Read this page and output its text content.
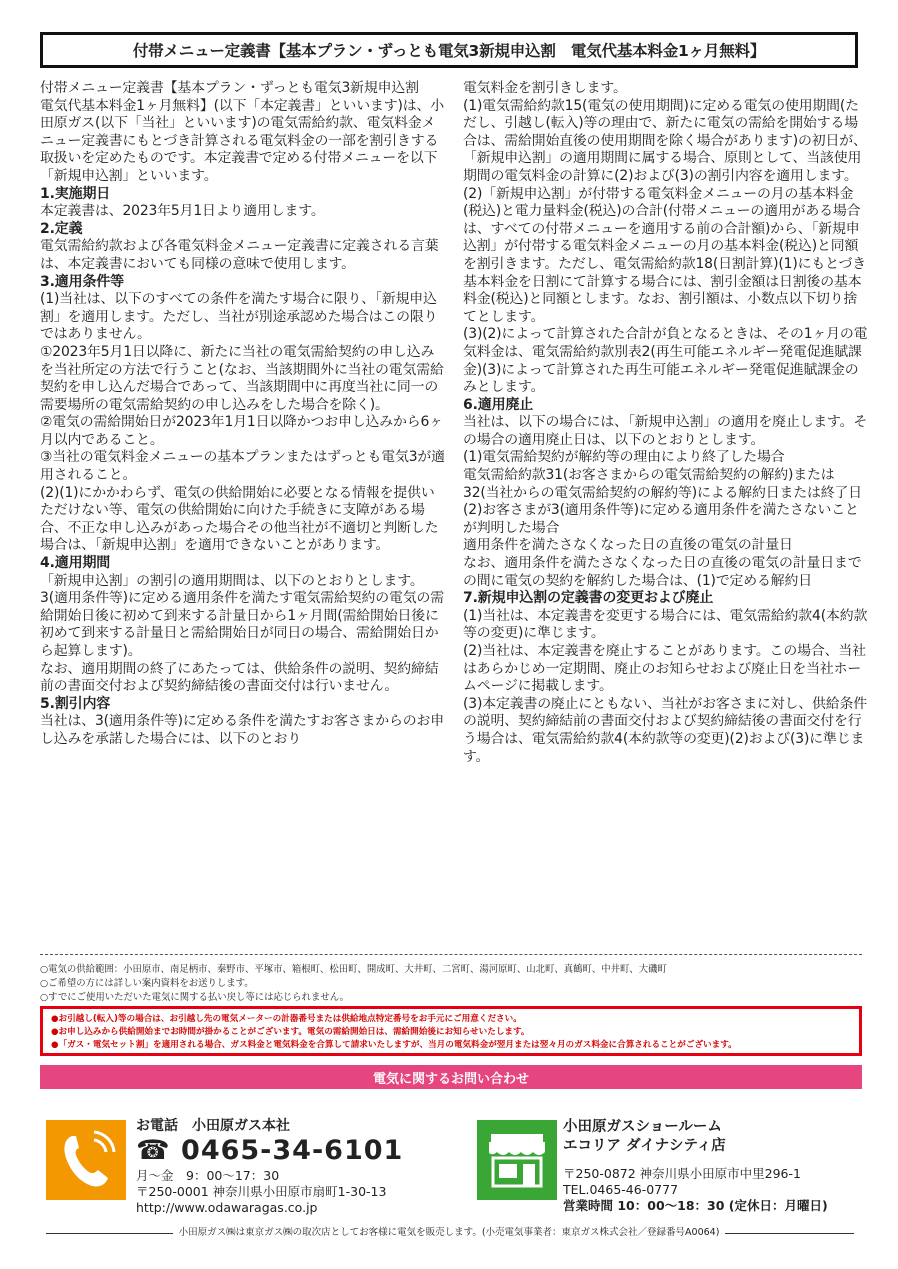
付帯メニュー定義書【基本プラン・ずっとも電気3新規申込割　電気代基本料金1ヶ月無料】

付帯メニュー定義書【基本プラン・ずっとも電気3新規申込割　電気代基本料金1ヶ月無料】(以下「本定義書」といいます)は、小田原ガス(以下「当社」といいます)の電気需給約款、電気料金メニュー定義書にもとづき計算される電気料金の一部を割引きする取扱いを定めたものです。本定義書で定める付帯メニューを以下「新規申込割」といいます。

1.実施期日

本定義書は、2023年5月1日より適用します。

2.定義

電気需給約款および各電気料金メニュー定義書に定義される言葉は、本定義書においても同様の意味で使用します。

3.適用条件等

(1)当社は、以下のすべての条件を満たす場合に限り、「新規申込割」を適用します。ただし、当社が別途承認めた場合はこの限りではありません。

①2023年5月1日以降に、新たに当社の電気需給契約の申し込みを当社所定の方法で行うこと(なお、当該期間外に当社の電気需給契約を申し込んだ場合であって、当該期間中に再度当社に同一の需要場所の電気需給契約の申し込みをした場合を除く)。

②電気の需給開始日が2023年1月1日以降かつお申し込みから6ヶ月以内であること。

③当社の電気料金メニューの基本プランまたはずっとも電気3が適用されること。

(2)(1)にかかわらず、電気の供給開始に必要となる情報を提供いただけない等、電気の供給開始に向けた手続きに支障がある場合、不正な申し込みがあった場合その他当社が不適切と判断した場合は、「新規申込割」を適用できないことがあります。

4.適用期間

「新規申込割」の割引の適用期間は、以下のとおりとします。

3(適用条件等)に定める適用条件を満たす電気需給契約の電気の需給開始日後に初めて到来する計量日から1ヶ月間(需給開始日後に初めて到来する計量日と需給開始日が同日の場合、需給開始日から起算します)。

なお、適用期間の終了にあたっては、供給条件の説明、契約締結前の書面交付および契約締結後の書面交付は行いません。

5.割引内容

当社は、3(適用条件等)に定める条件を満たすお客さまからのお申し込みを承諾した場合には、以下のとおり

電気料金を割引きします。

(1)電気需給約款15(電気の使用期間)に定める電気の使用期間(ただし、引越し(転入)等の理由で、新たに電気の需給を開始する場合は、需給開始直後の使用期間を除く場合があります)の初日が、「新規申込割」の適用期間に属する場合、原則として、当該使用期間の電気料金の計算に(2)および(3)の割引内容を適用します。

(2)「新規申込割」が付帯する電気料金メニューの月の基本料金(税込)と電力量料金(税込)の合計(付帯メニューの適用がある場合は、すべての付帯メニューを適用する前の合計額)から、「新規申込割」が付帯する電気料金メニューの月の基本料金(税込)と同額を割引きます。ただし、電気需給約款18(日割計算)(1)にもとづき基本料金を日割にて計算する場合には、割引金額は日割後の基本料金(税込)と同額とします。なお、割引額は、小数点以下切り捨てとします。

(3)(2)によって計算された合計が負となるときは、その1ヶ月の電気料金は、電気需給約款別表2(再生可能エネルギー発電促進賦課金)(3)によって計算された再生可能エネルギー発電促進賦課金のみとします。

6.適用廃止

当社は、以下の場合には、「新規申込割」の適用を廃止します。その場合の適用廃止日は、以下のとおりとします。

(1)電気需給契約が解約等の理由により終了した場合

電気需給約款31(お客さまからの電気需給契約の解約)または32(当社からの電気需給契約の解約等)による解約日または終了日

(2)お客さまが3(適用条件等)に定める適用条件を満たさないことが判明した場合

適用条件を満たさなくなった日の直後の電気の計量日

なお、適用条件を満たさなくなった日の直後の電気の計量日までの間に電気の契約を解約した場合は、(1)で定める解約日

7.新規申込割の定義書の変更および廃止

(1)当社は、本定義書を変更する場合には、電気需給約款4(本約款等の変更)に準じます。

(2)当社は、本定義書を廃止することがあります。この場合、当社はあらかじめ一定期間、廃止のお知らせおよび廃止日を当社ホームページに掲載します。

(3)本定義書の廃止にともない、当社がお客さまに対し、供給条件の説明、契約締結前の書面交付および契約締結後の書面交付を行う場合は、電気需給約款4(本約款等の変更)(2)および(3)に準じます。

○電気の供給範囲：小田原市、南足柄市、秦野市、平塚市、箱根町、松田町、開成町、大井町、二宮町、湯河原町、山北町、真鶴町、中井町、大磯町

○ご希望の方には詳しい案内資料をお送りします。

○すでにご使用いただいた電気に関する払い戻し等には応じられません。

●お引越し(転入)等の場合は、お引越し先の電気メーターの計器番号または供給地点特定番号をお手元にご用意ください。

●お申し込みから供給開始までお時間が掛かることがございます。電気の需給開始日は、需給開始後にお知らせいたします。

●「ガス・電気セット割」を適用される場合、ガス料金と電気料金を合算して請求いたしますが、当月の電気料金が翌月または翌々月のガス料金に合算されることがございます。

電気に関するお問い合わせ
お電話　小田原ガス本社
☎ 0465-34-6101
月〜金　9：00〜17：30
〒250-0001 神奈川県小田原市扇町1-30-13
http://www.odawaragas.co.jp
小田原ガスショールーム
エコリア ダイナシティ店
〒250-0872 神奈川県小田原市中里296-1
TEL.0465-46-0777
営業時間 10：00〜18：30 (定休日：月曜日)
小田原ガス㈱は東京ガス㈱の取次店としてお客様に電気を販売します。(小売電気事業者：東京ガス株式会社／登録番号A0064)
